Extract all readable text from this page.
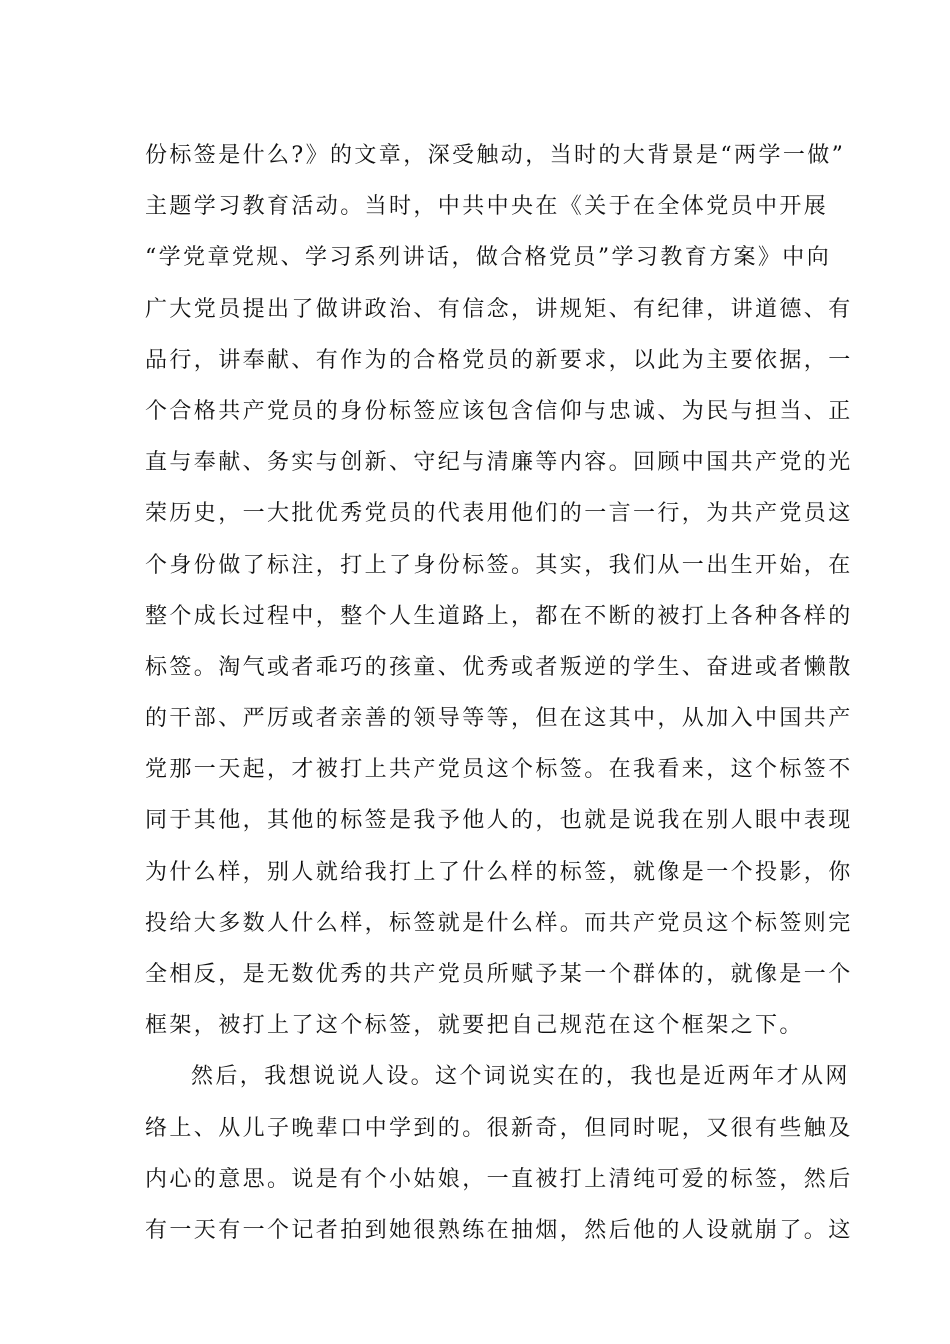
份标签是什么?》的文章，深受触动，当时的大背景是“两学一做”
主题学习教育活动。当时，中共中央在《关于在全体党员中开展
“学党章党规、学习系列讲话，做合格党员”学习教育方案》中向
广大党员提出了做讲政治、有信念，讲规矩、有纪律，讲道德、有
品行，讲奉献、有作为的合格党员的新要求，以此为主要依据，一
个合格共产党员的身份标签应该包含信仰与忠诚、为民与担当、正
直与奉献、务实与创新、守纪与清廉等内容。回顾中国共产党的光
荣历史，一大批优秀党员的代表用他们的一言一行，为共产党员这
个身份做了标注，打上了身份标签。其实，我们从一出生开始，在
整个成长过程中，整个人生道路上，都在不断的被打上各种各样的
标签。淘气或者乖巧的孩童、优秀或者叛逆的学生、奋进或者懒散
的干部、严厉或者亲善的领导等等，但在这其中，从加入中国共产
党那一天起，才被打上共产党员这个标签。在我看来，这个标签不
同于其他，其他的标签是我予他人的，也就是说我在别人眼中表现
为什么样，别人就给我打上了什么样的标签，就像是一个投影，你
投给大多数人什么样，标签就是什么样。而共产党员这个标签则完
全相反，是无数优秀的共产党员所赋予某一个群体的，就像是一个
框架，被打上了这个标签，就要把自己规范在这个框架之下。
然后，我想说说人设。这个词说实在的，我也是近两年才从网
络上、从儿子晚辈口中学到的。很新奇，但同时呢，又很有些触及
内心的意思。说是有个小姑娘，一直被打上清纯可爱的标签，然后
有一天有一个记者拍到她很熟练在抽烟，然后他的人设就崩了。这
